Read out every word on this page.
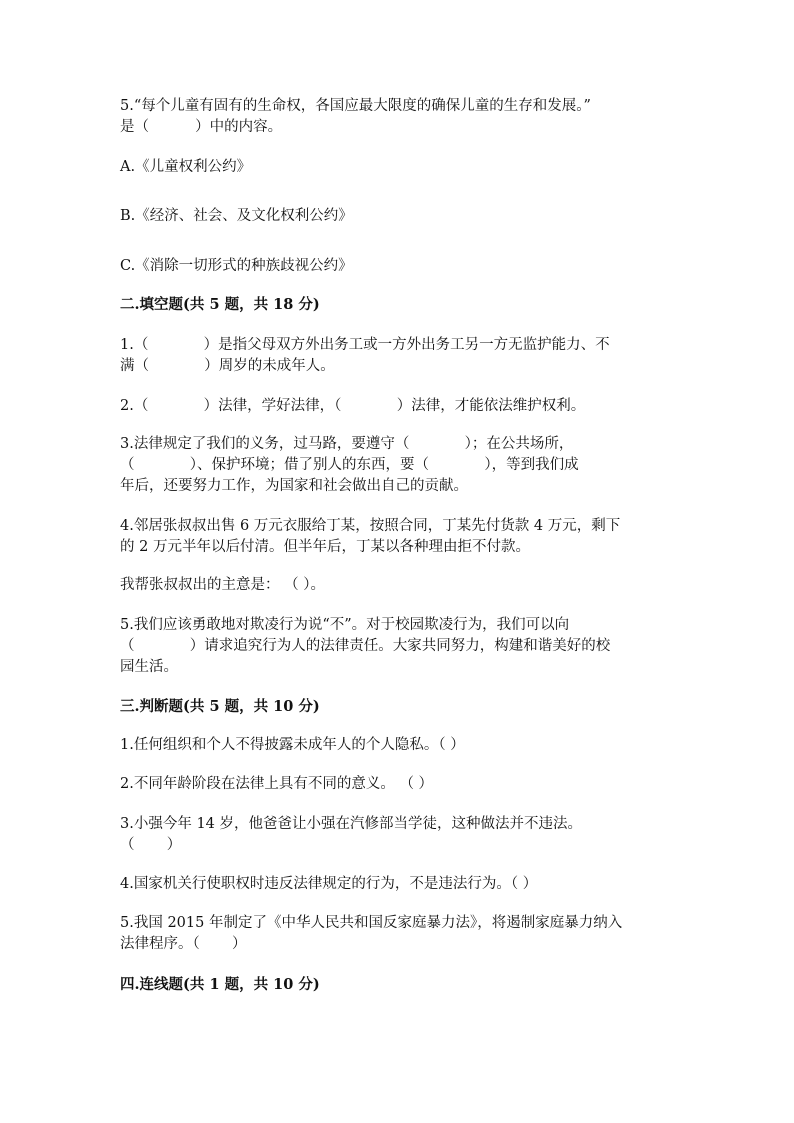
5.“每个儿童有固有的生命权，各国应最大限度的确保儿童的生存和发展。”
是（          ）中的内容。
A.《儿童权利公约》
B.《经济、社会、及文化权利公约》
C.《消除一切形式的种族歧视公约》
二.填空题(共 5 题，共 18 分)
1.（            ）是指父母双方外出务工或一方外出务工另一方无监护能力、不
满（            ）周岁的未成年人。
2.（            ）法律，学好法律，（            ）法律，才能依法维护权利。
3.法律规定了我们的义务，过马路，要遵守（            ）；在公共场所，
（            ）、保护环境；借了别人的东西，要（            ），等到我们成
年后，还要努力工作，为国家和社会做出自己的贡献。
4.邻居张叔叔出售 6 万元衣服给丁某，按照合同，丁某先付货款 4 万元，剩下
的 2 万元半年以后付清。但半年后，丁某以各种理由拒不付款。
我帮张叔叔出的主意是： （ ）。
5.我们应该勇敢地对欺凌行为说“不”。对于校园欺凌行为，我们可以向
（            ）请求追究行为人的法律责任。大家共同努力，构建和谐美好的校
园生活。
三.判断题(共 5 题，共 10 分)
1.任何组织和个人不得披露未成年人的个人隐私。（ ）
2.不同年龄阶段在法律上具有不同的意义。 （ ）
3.小强今年 14 岁，他爸爸让小强在汽修部当学徒，这种做法并不违法。
（       ）
4.国家机关行使职权时违反法律规定的行为，不是违法行为。（ ）
5.我国 2015 年制定了《中华人民共和国反家庭暴力法》，将遏制家庭暴力纳入
法律程序。（       ）
四.连线题(共 1 题，共 10 分)
